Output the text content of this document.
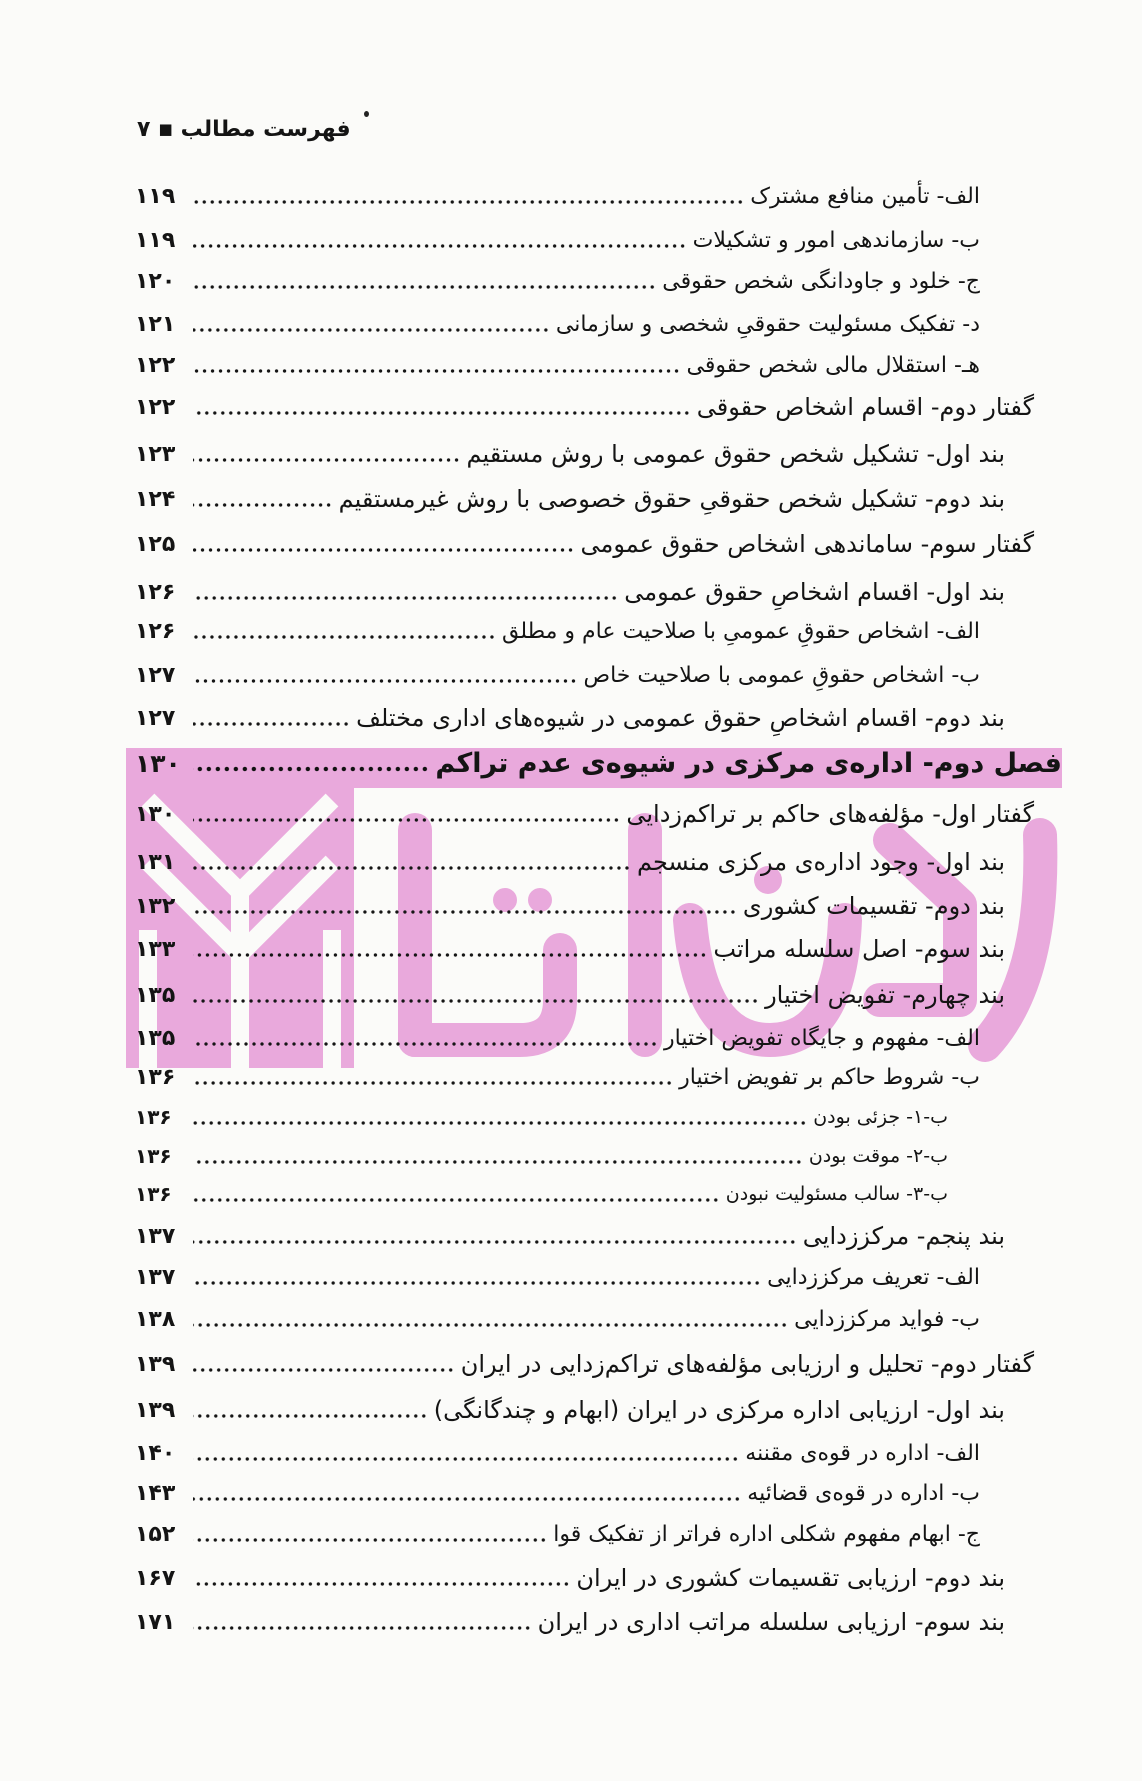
فهرست مطالب
■
۷
الف- تأمین منافع مشترک
۱۱۹
ب- سازماندهی امور و تشکیلات
۱۱۹
ج- خلود و جاودانگی شخص حقوقی
۱۲۰
د- تفکیک مسئولیت حقوقیِ شخصی و سازمانی
۱۲۱
هـ- استقلال مالی شخص حقوقی
۱۲۲
گفتار دوم- اقسام اشخاص حقوقی
۱۲۲
بند اول- تشکیل شخص حقوق عمومی با روش مستقیم
۱۲۳
بند دوم- تشکیل شخص حقوقیِ حقوق خصوصی با روش غیرمستقیم
۱۲۴
گفتار سوم- ساماندهی اشخاص حقوق عمومی
۱۲۵
بند اول- اقسام اشخاصِ حقوق عمومی
۱۲۶
الف- اشخاص حقوقِ عمومیِ با صلاحیت عام و مطلق
۱۲۶
ب- اشخاص حقوقِ عمومی با صلاحیت خاص
۱۲۷
بند دوم- اقسام اشخاصِ حقوق عمومی در شیوه‌های اداری مختلف
۱۲۷
فصل دوم- اداره‌ی مرکزی در شیوه‌ی عدم تراکم
۱۳۰
گفتار اول- مؤلفه‌های حاکم بر تراکم‌زدایی
۱۳۰
بند اول- وجود اداره‌ی مرکزی منسجم
۱۳۱
بند دوم- تقسیمات کشوری
۱۳۲
بند سوم- اصل سلسله مراتب
۱۳۳
بند چهارم- تفویض اختیار
۱۳۵
الف- مفهوم و جایگاه تفویض اختیار
۱۳۵
ب- شروط حاکم بر تفویض اختیار
۱۳۶
ب-۱- جزئی بودن
۱۳۶
ب-۲- موقت بودن
۱۳۶
ب-۳- سالب مسئولیت نبودن
۱۳۶
بند پنجم- مرکززدایی
۱۳۷
الف- تعریف مرکززدایی
۱۳۷
ب- فواید مرکززدایی
۱۳۸
گفتار دوم- تحلیل و ارزیابی مؤلفه‌های تراکم‌زدایی در ایران
۱۳۹
بند اول- ارزیابی اداره مرکزی در ایران (ابهام و چندگانگی)
۱۳۹
الف- اداره در قوه‌ی مقننه
۱۴۰
ب- اداره در قوه‌ی قضائیه
۱۴۳
ج- ابهام مفهوم شکلی اداره فراتر از تفکیک قوا
۱۵۲
بند دوم- ارزیابی تقسیمات کشوری در ایران
۱۶۷
بند سوم- ارزیابی سلسله مراتب اداری در ایران
۱۷۱
